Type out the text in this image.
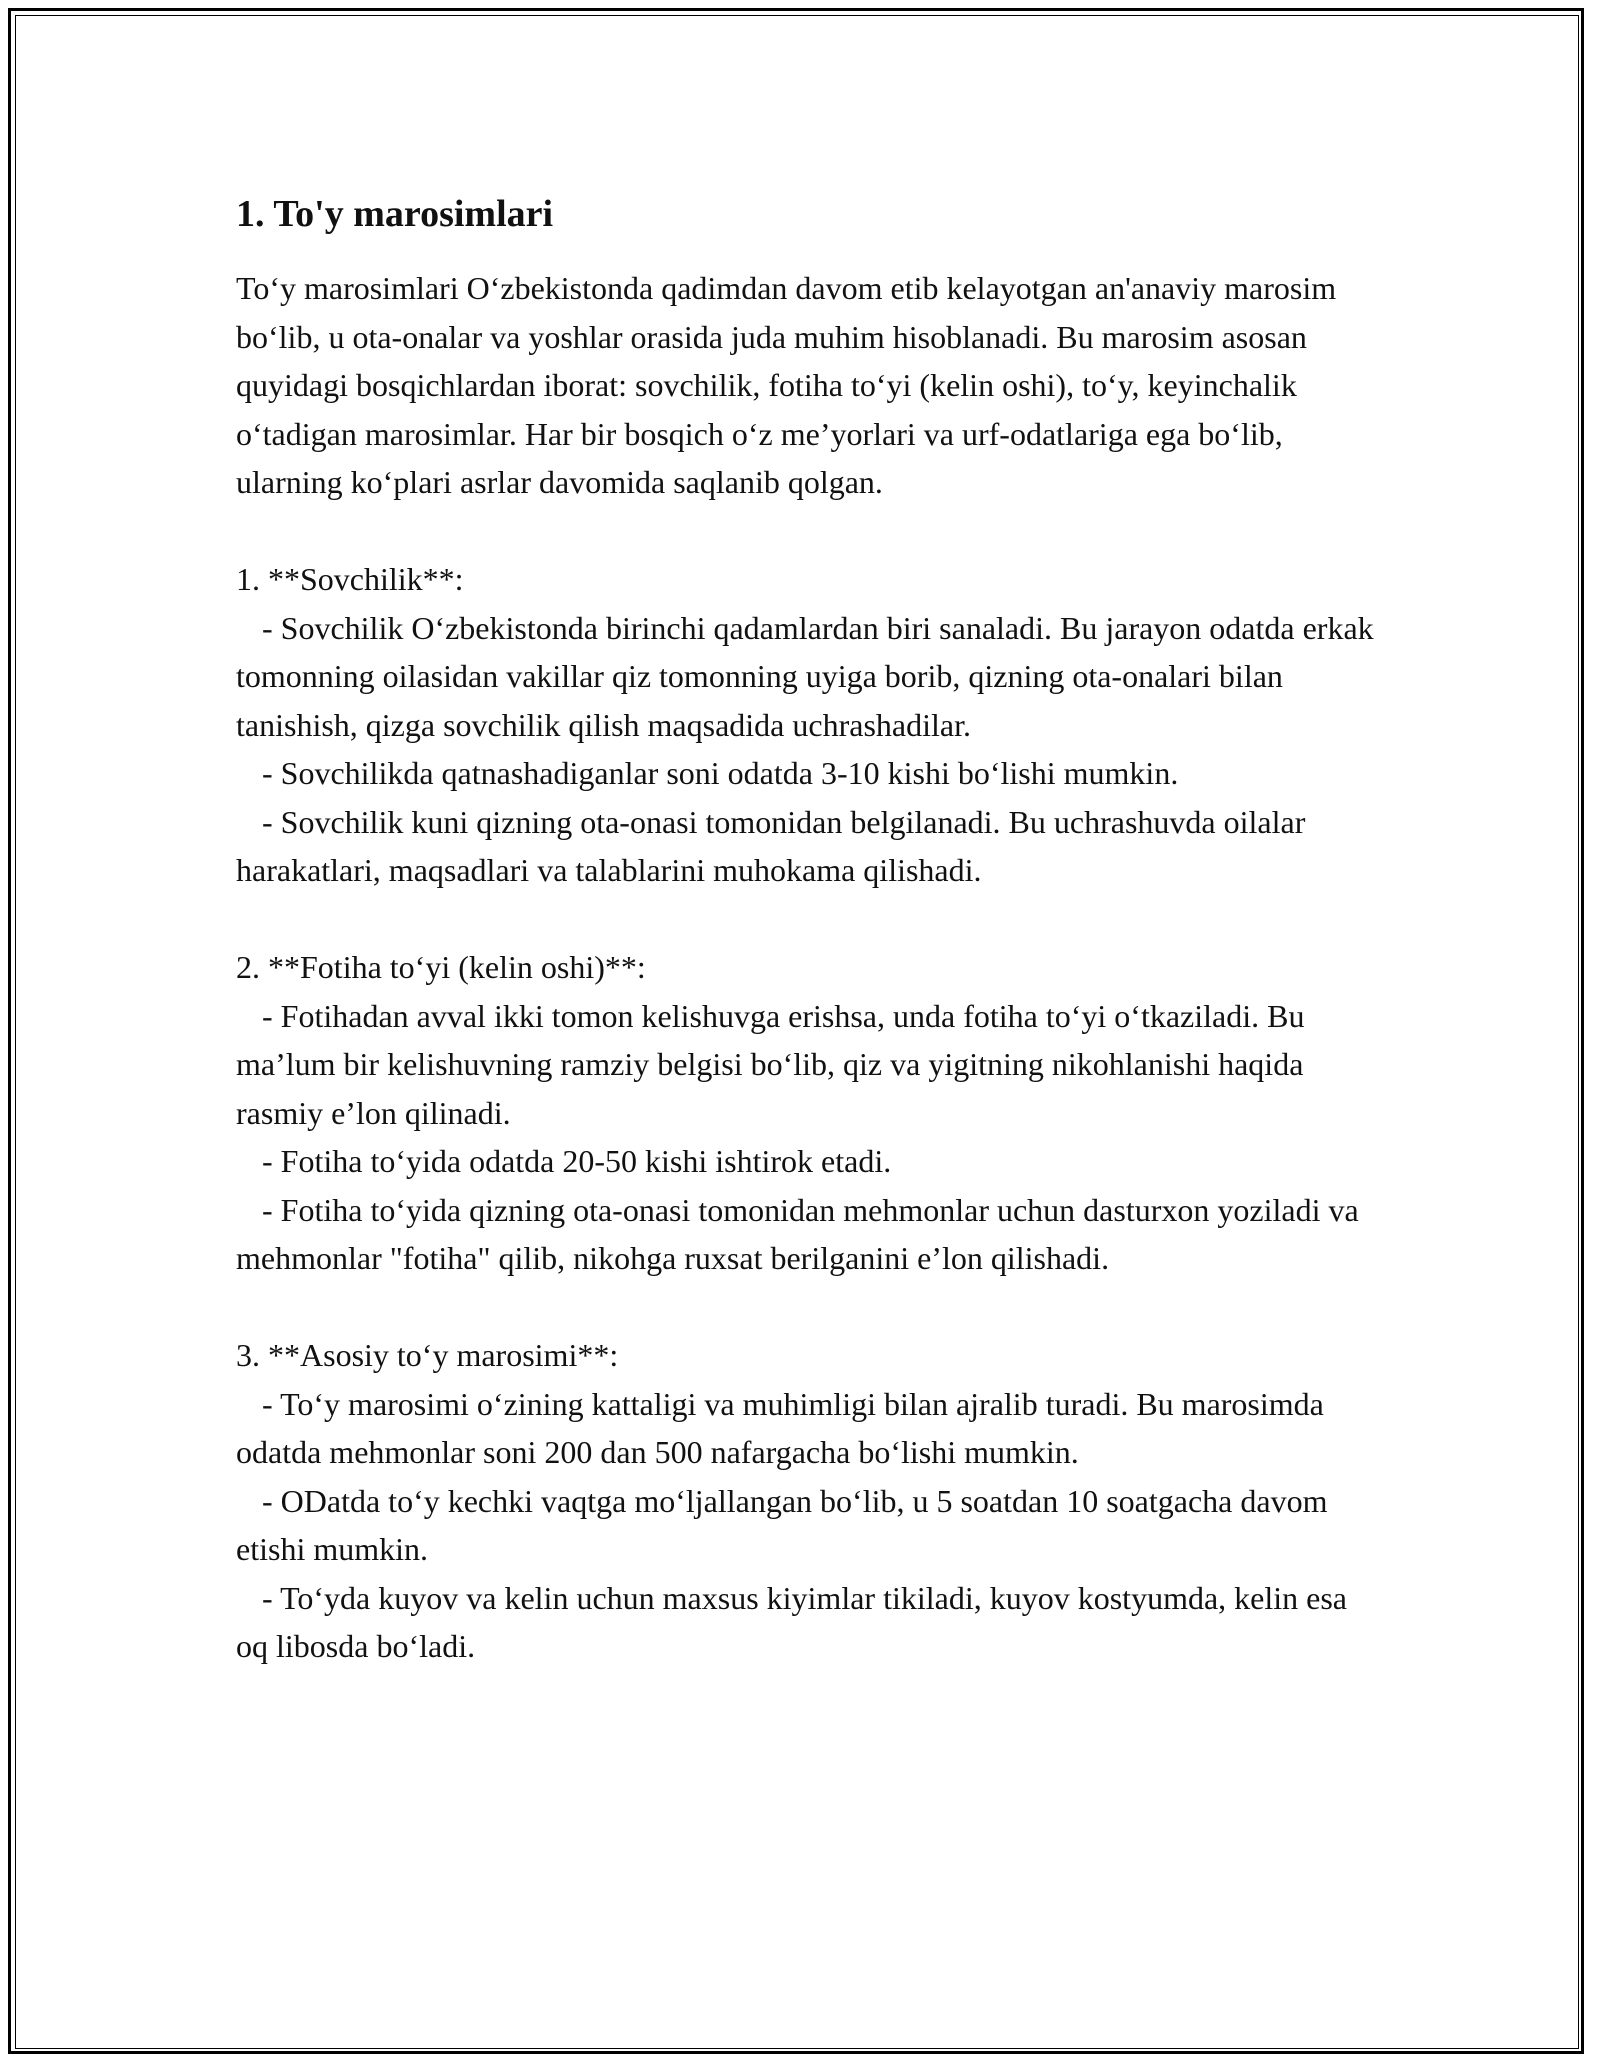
1. To'y marosimlari

To‘y marosimlari O‘zbekistonda qadimdan davom etib kelayotgan an'anaviy marosim bo‘lib, u ota-onalar va yoshlar orasida juda muhim hisoblanadi. Bu marosim asosan quyidagi bosqichlardan iborat: sovchilik, fotiha to‘yi (kelin oshi), to‘y, keyinchalik o‘tadigan marosimlar. Har bir bosqich o‘z me’yorlari va urf-odatlariga ega bo‘lib, ularning ko‘plari asrlar davomida saqlanib qolgan.

1. **Sovchilik**:

- Sovchilik O‘zbekistonda birinchi qadamlardan biri sanaladi. Bu jarayon odatda erkak tomonning oilasidan vakillar qiz tomonning uyiga borib, qizning ota-onalari bilan tanishish, qizga sovchilik qilish maqsadida uchrashadilar.

- Sovchilikda qatnashadiganlar soni odatda 3-10 kishi bo‘lishi mumkin.

- Sovchilik kuni qizning ota-onasi tomonidan belgilanadi. Bu uchrashuvda oilalar harakatlari, maqsadlari va talablarini muhokama qilishadi.

2. **Fotiha to‘yi (kelin oshi)**:

- Fotihadan avval ikki tomon kelishuvga erishsa, unda fotiha to‘yi o‘tkaziladi. Bu ma’lum bir kelishuvning ramziy belgisi bo‘lib, qiz va yigitning nikohlanishi haqida rasmiy e’lon qilinadi.

- Fotiha to‘yida odatda 20-50 kishi ishtirok etadi.

- Fotiha to‘yida qizning ota-onasi tomonidan mehmonlar uchun dasturxon yoziladi va mehmonlar "fotiha" qilib, nikohga ruxsat berilganini e’lon qilishadi.

3. **Asosiy to‘y marosimi**:

- To‘y marosimi o‘zining kattaligi va muhimligi bilan ajralib turadi. Bu marosimda odatda mehmonlar soni 200 dan 500 nafargacha bo‘lishi mumkin.

- ODatda to‘y kechki vaqtga mo‘ljallangan bo‘lib, u 5 soatdan 10 soatgacha davom etishi mumkin.

- To‘yda kuyov va kelin uchun maxsus kiyimlar tikiladi, kuyov kostyumda, kelin esa oq libosda bo‘ladi.
